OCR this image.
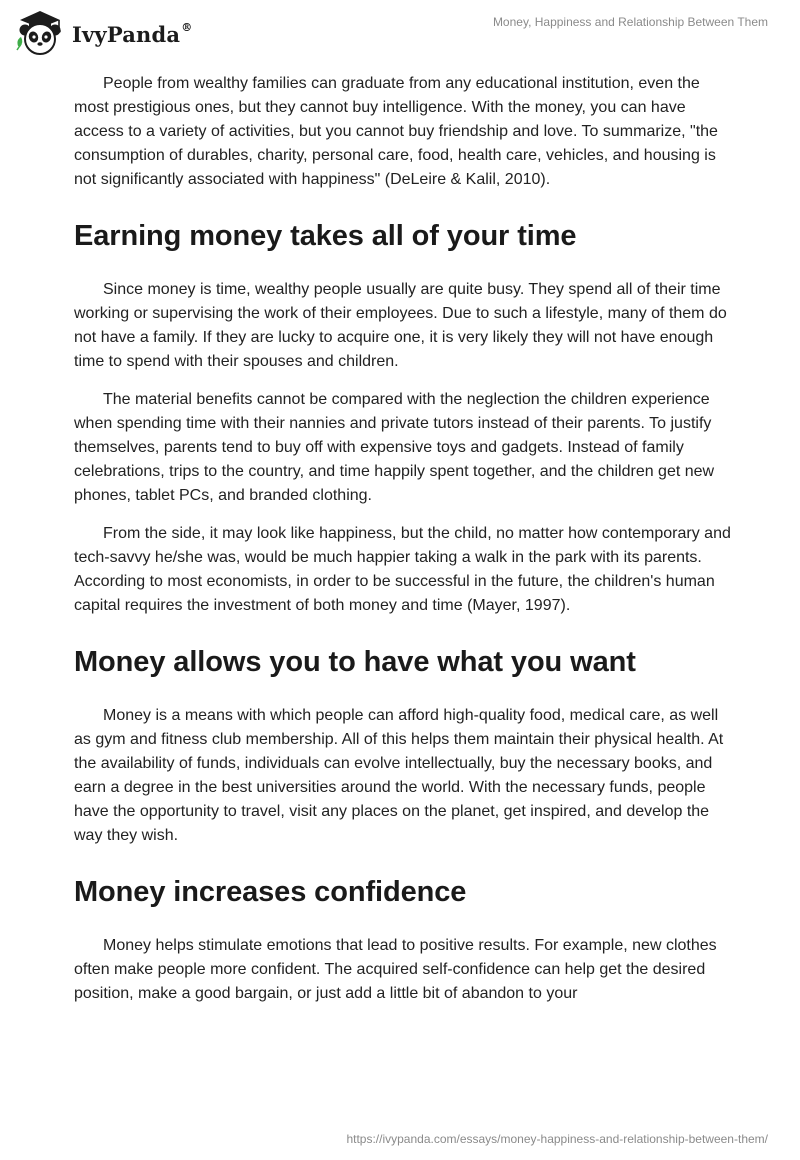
IvyPanda®	Money, Happiness and Relationship Between Them

People from wealthy families can graduate from any educational institution, even the most prestigious ones, but they cannot buy intelligence. With the money, you can have access to a variety of activities, but you cannot buy friendship and love. To summarize, "the consumption of durables, charity, personal care, food, health care, vehicles, and housing is not significantly associated with happiness" (DeLeire & Kalil, 2010).

Earning money takes all of your time

Since money is time, wealthy people usually are quite busy. They spend all of their time working or supervising the work of their employees. Due to such a lifestyle, many of them do not have a family. If they are lucky to acquire one, it is very likely they will not have enough time to spend with their spouses and children.

The material benefits cannot be compared with the neglection the children experience when spending time with their nannies and private tutors instead of their parents. To justify themselves, parents tend to buy off with expensive toys and gadgets. Instead of family celebrations, trips to the country, and time happily spent together, and the children get new phones, tablet PCs, and branded clothing.

From the side, it may look like happiness, but the child, no matter how contemporary and tech-savvy he/she was, would be much happier taking a walk in the park with its parents. According to most economists, in order to be successful in the future, the children's human capital requires the investment of both money and time (Mayer, 1997).

Money allows you to have what you want

Money is a means with which people can afford high-quality food, medical care, as well as gym and fitness club membership. All of this helps them maintain their physical health. At the availability of funds, individuals can evolve intellectually, buy the necessary books, and earn a degree in the best universities around the world. With the necessary funds, people have the opportunity to travel, visit any places on the planet, get inspired, and develop the way they wish.

Money increases confidence

Money helps stimulate emotions that lead to positive results. For example, new clothes often make people more confident. The acquired self-confidence can help get the desired position, make a good bargain, or just add a little bit of abandon to your

https://ivypanda.com/essays/money-happiness-and-relationship-between-them/
